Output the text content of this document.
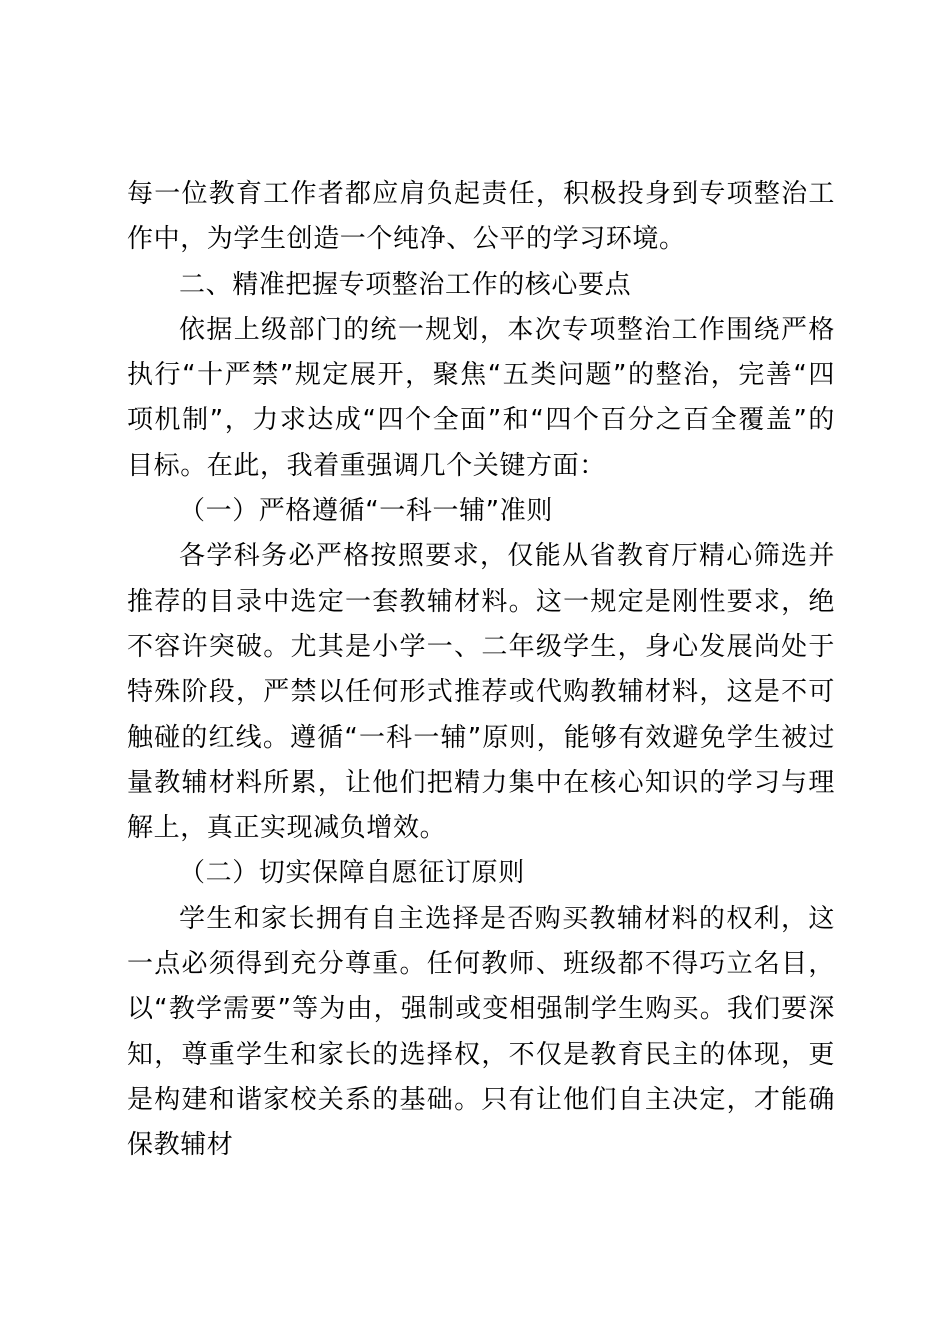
每一位教育工作者都应肩负起责任，积极投身到专项整治工作中，为学生创造一个纯净、公平的学习环境。

二、精准把握专项整治工作的核心要点

依据上级部门的统一规划，本次专项整治工作围绕严格执行“十严禁”规定展开，聚焦“五类问题”的整治，完善“四项机制”，力求达成“四个全面”和“四个百分之百全覆盖”的目标。在此，我着重强调几个关键方面：

（一）严格遵循“一科一辅”准则

各学科务必严格按照要求，仅能从省教育厅精心筛选并推荐的目录中选定一套教辅材料。这一规定是刚性要求，绝不容许突破。尤其是小学一、二年级学生，身心发展尚处于特殊阶段，严禁以任何形式推荐或代购教辅材料，这是不可触碰的红线。遵循“一科一辅”原则，能够有效避免学生被过量教辅材料所累，让他们把精力集中在核心知识的学习与理解上，真正实现减负增效。

（二）切实保障自愿征订原则

学生和家长拥有自主选择是否购买教辅材料的权利，这一点必须得到充分尊重。任何教师、班级都不得巧立名目，以“教学需要”等为由，强制或变相强制学生购买。我们要深知，尊重学生和家长的选择权，不仅是教育民主的体现，更是构建和谐家校关系的基础。只有让他们自主决定，才能确保教辅材
